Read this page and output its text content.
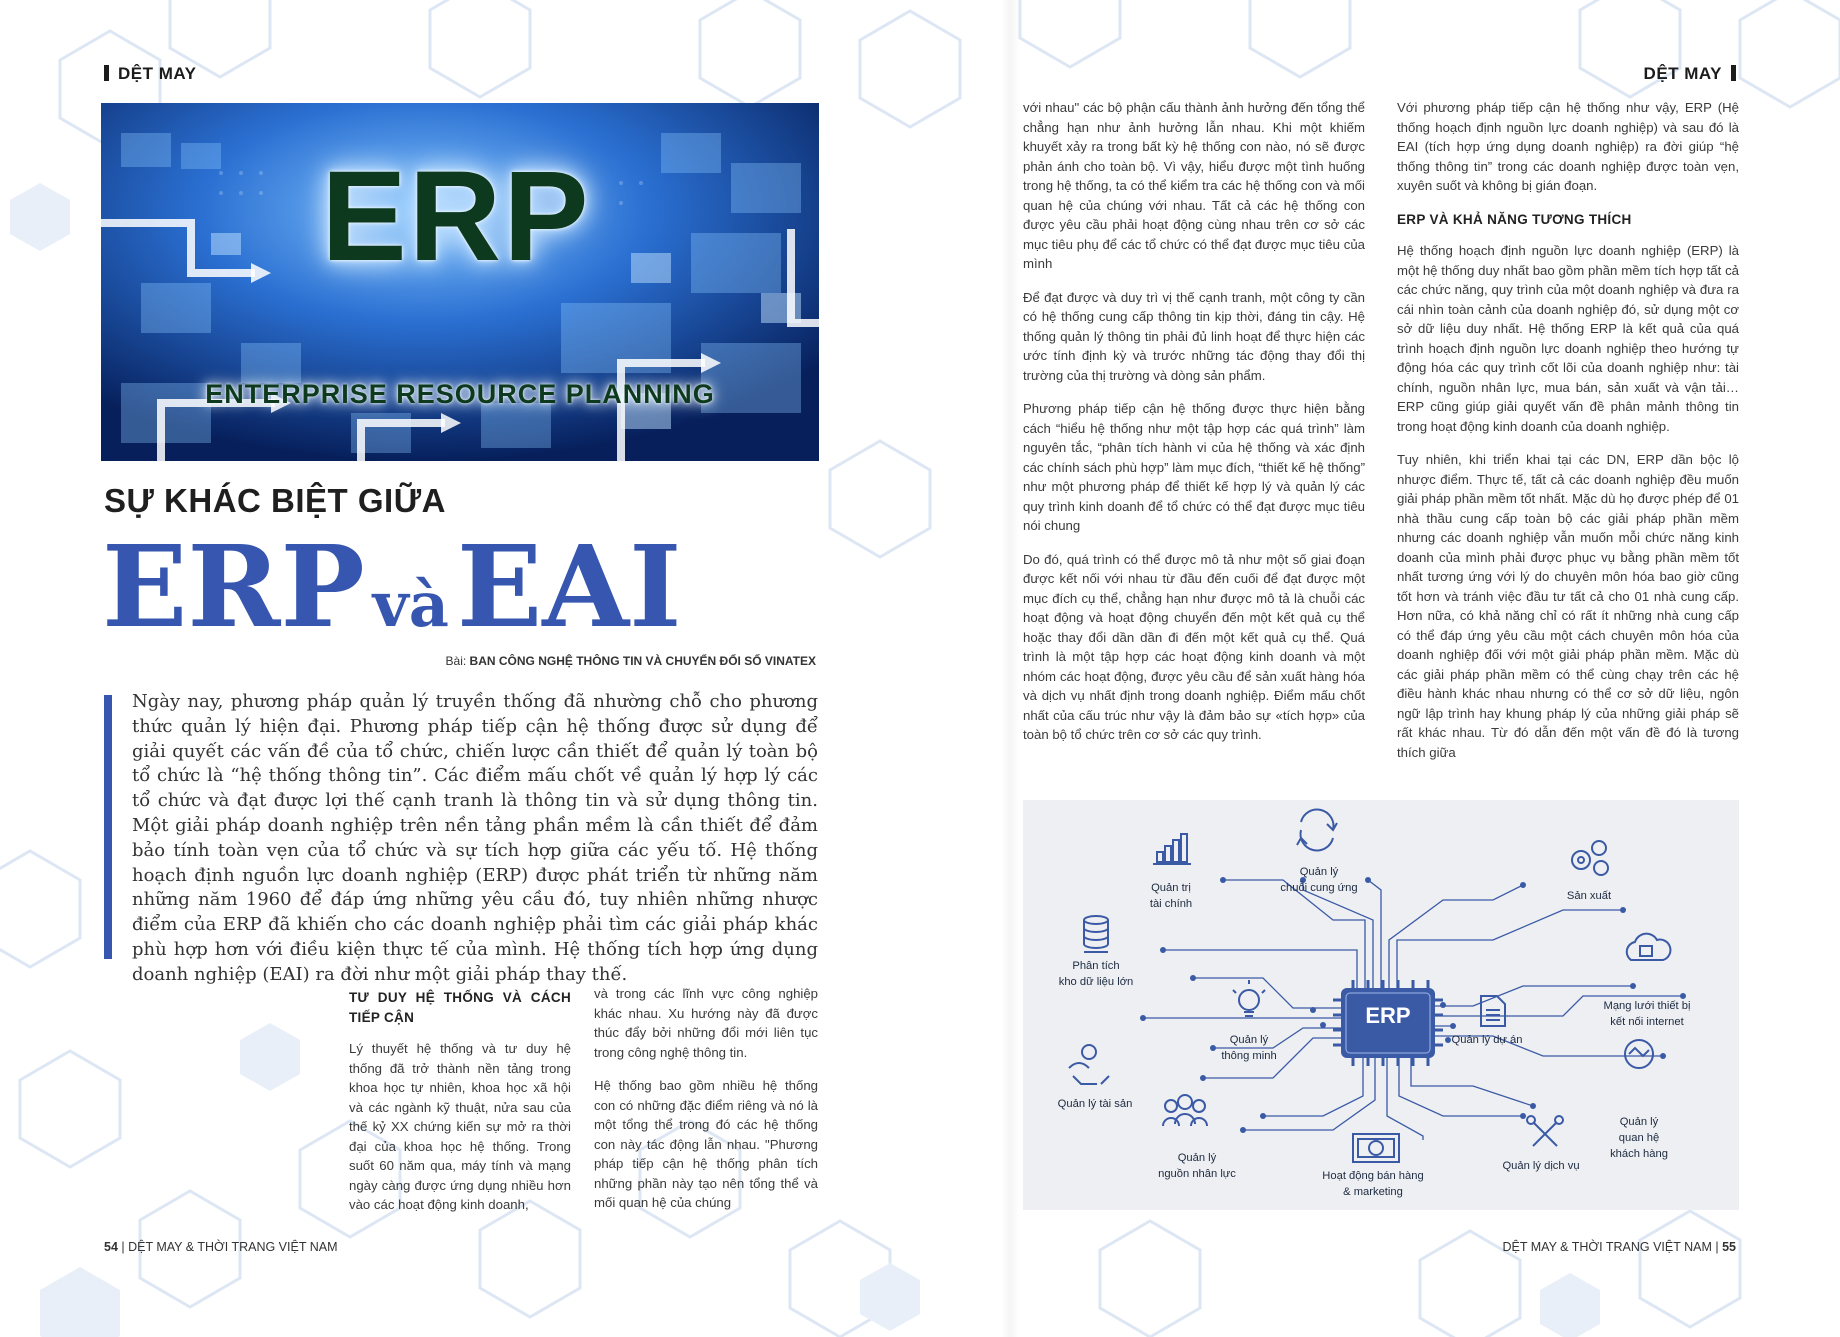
DỆT MAY
ERP
ENTERPRISE RESOURCE PLANNING
SỰ KHÁC BIỆT GIỮA
ERP vàEAI
Bài: BAN CÔNG NGHỆ THÔNG TIN VÀ CHUYỂN ĐỔI SỐ VINATEX
Ngày nay, phương pháp quản lý truyền thống đã nhường chỗ cho phương thức quản lý hiện đại. Phương pháp tiếp cận hệ thống được sử dụng để giải quyết các vấn đề của tổ chức, chiến lược cần thiết để quản lý toàn bộ tổ chức là “hệ thống thông tin”. Các điểm mấu chốt về quản lý hợp lý các tổ chức và đạt được lợi thế cạnh tranh là thông tin và sử dụng thông tin. Một giải pháp doanh nghiệp trên nền tảng phần mềm là cần thiết để đảm bảo tính toàn vẹn của tổ chức và sự tích hợp giữa các yếu tố. Hệ thống hoạch định nguồn lực doanh nghiệp (ERP) được phát triển từ những năm những năm 1960 để đáp ứng những yêu cầu đó, tuy nhiên những nhược điểm của ERP đã khiến cho các doanh nghiệp phải tìm các giải pháp khác phù hợp hơn với điều kiện thực tế của mình. Hệ thống tích hợp ứng dụng doanh nghiệp (EAI) ra đời như một giải pháp thay thế.
TƯ DUY HỆ THỐNG VÀ CÁCH TIẾP CẬN

Lý thuyết hệ thống và tư duy hệ thống đã trở thành nền tảng trong khoa học tự nhiên, khoa học xã hội và các ngành kỹ thuật, nửa sau của thế kỷ XX chứng kiến sự mở ra thời đại của khoa học hệ thống. Trong suốt 60 năm qua, máy tính và mạng ngày càng được ứng dụng nhiều hơn vào các hoạt động kinh doanh,

và trong các lĩnh vực công nghiệp khác nhau. Xu hướng này đã được thúc đẩy bởi những đổi mới liên tục trong công nghệ thông tin.

Hệ thống bao gồm nhiều hệ thống con có những đặc điểm riêng và nó là một tổng thể trong đó các hệ thống con này tác động lẫn nhau. "Phương pháp tiếp cận hệ thống phân tích những phần này tạo nên tổng thể và mối quan hệ của chúng

54 | DỆT MAY & THỜI TRANG VIỆT NAM
DỆT MAY

với nhau" các bộ phận cấu thành ảnh hưởng đến tổng thể chẳng hạn như ảnh hưởng lẫn nhau. Khi một khiếm khuyết xảy ra trong bất kỳ hệ thống con nào, nó sẽ được phản ánh cho toàn bộ. Vì vậy, hiểu được một tình huống trong hệ thống, ta có thể kiểm tra các hệ thống con và mối quan hệ của chúng với nhau. Tất cả các hệ thống con được yêu cầu phải hoạt động cùng nhau trên cơ sở các mục tiêu phụ để các tổ chức có thể đạt được mục tiêu của mình

Để đạt được và duy trì vị thế cạnh tranh, một công ty cần có hệ thống cung cấp thông tin kịp thời, đáng tin cậy. Hệ thống quản lý thông tin phải đủ linh hoạt để thực hiện các ước tính định kỳ và trước những tác động thay đổi thị trường của thị trường và dòng sản phẩm.

Phương pháp tiếp cận hệ thống được thực hiện bằng cách “hiểu hệ thống như một tập hợp các quá trình” làm nguyên tắc, “phân tích hành vi của hệ thống và xác định các chính sách phù hợp” làm mục đích, “thiết kế hệ thống” như một phương pháp để thiết kế hợp lý và quản lý các quy trình kinh doanh để tổ chức có thể đạt được mục tiêu nói chung

Do đó, quá trình có thể được mô tả như một số giai đoạn được kết nối với nhau từ đầu đến cuối để đạt được một mục đích cụ thể, chẳng hạn như được mô tả là chuỗi các hoạt động và hoạt động chuyển đến một kết quả cụ thể hoặc thay đổi dần dần đi đến một kết quả cụ thể. Quá trình là một tập hợp các hoạt động kinh doanh và một nhóm các hoạt động, được yêu cầu để sản xuất hàng hóa và dịch vụ nhất định trong doanh nghiệp. Điểm mấu chốt nhất của cấu trúc như vậy là đảm bảo sự «tích hợp» của toàn bộ tổ chức trên cơ sở các quy trình.

Với phương pháp tiếp cận hệ thống như vậy, ERP (Hệ thống hoạch định nguồn lực doanh nghiệp) và sau đó là EAI (tích hợp ứng dụng doanh nghiệp) ra đời giúp “hệ thống thông tin” trong các doanh nghiệp được toàn vẹn, xuyên suốt và không bị gián đoạn.

ERP VÀ KHẢ NĂNG TƯƠNG THÍCH

Hệ thống hoạch định nguồn lực doanh nghiệp (ERP) là một hệ thống duy nhất bao gồm phần mềm tích hợp tất cả các chức năng, quy trình của một doanh nghiệp và đưa ra cái nhìn toàn cảnh của doanh nghiệp đó, sử dụng một cơ sở dữ liệu duy nhất. Hệ thống ERP là kết quả của quá trình hoạch định nguồn lực doanh nghiệp theo hướng tự động hóa các quy trình cốt lõi của doanh nghiệp như: tài chính, nguồn nhân lực, mua bán, sản xuất và vận tải… ERP cũng giúp giải quyết vấn đề phân mảnh thông tin trong hoạt động kinh doanh của doanh nghiệp.

Tuy nhiên, khi triển khai tại các DN, ERP dần bộc lộ nhược điểm. Thực tế, tất cả các doanh nghiệp đều muốn giải pháp phần mềm tốt nhất. Mặc dù họ được phép để 01 nhà thầu cung cấp toàn bộ các giải pháp phần mềm nhưng các doanh nghiệp vẫn muốn mỗi chức năng kinh doanh của mình phải được phục vụ bằng phần mềm tốt nhất tương ứng với lý do chuyên môn hóa bao giờ cũng tốt hơn và tránh việc đầu tư tất cả cho 01 nhà cung cấp. Hơn nữa, có khả năng chỉ có rất ít những nhà cung cấp có thể đáp ứng yêu cầu một cách chuyên môn hóa của doanh nghiệp đối với một giải pháp phần mềm. Mặc dù các giải pháp phần mềm có thể cùng chạy trên các hệ điều hành khác nhau nhưng có thể cơ sở dữ liệu, ngôn ngữ lập trình hay khung pháp lý của những giải pháp sẽ rất khác nhau. Từ đó dẫn đến một vấn đề đó là tương thích giữa

Quản trị
tài chính
Quản lý
chuỗi cung ứng
Sản xuất
Phân tích
kho dữ liệu lớn
Quản lý
thông minh
Quản lý dự án
Mạng lưới thiết bị
kết nối internet
Quản lý tài sản
Quản lý
nguồn nhân lực	Hoạt động bán hàng
& marketing
Quản lý dịch vụ
Quản lý
quan hệ
khách hàng
ERP
DỆT MAY & THỜI TRANG VIỆT NAM | 55
